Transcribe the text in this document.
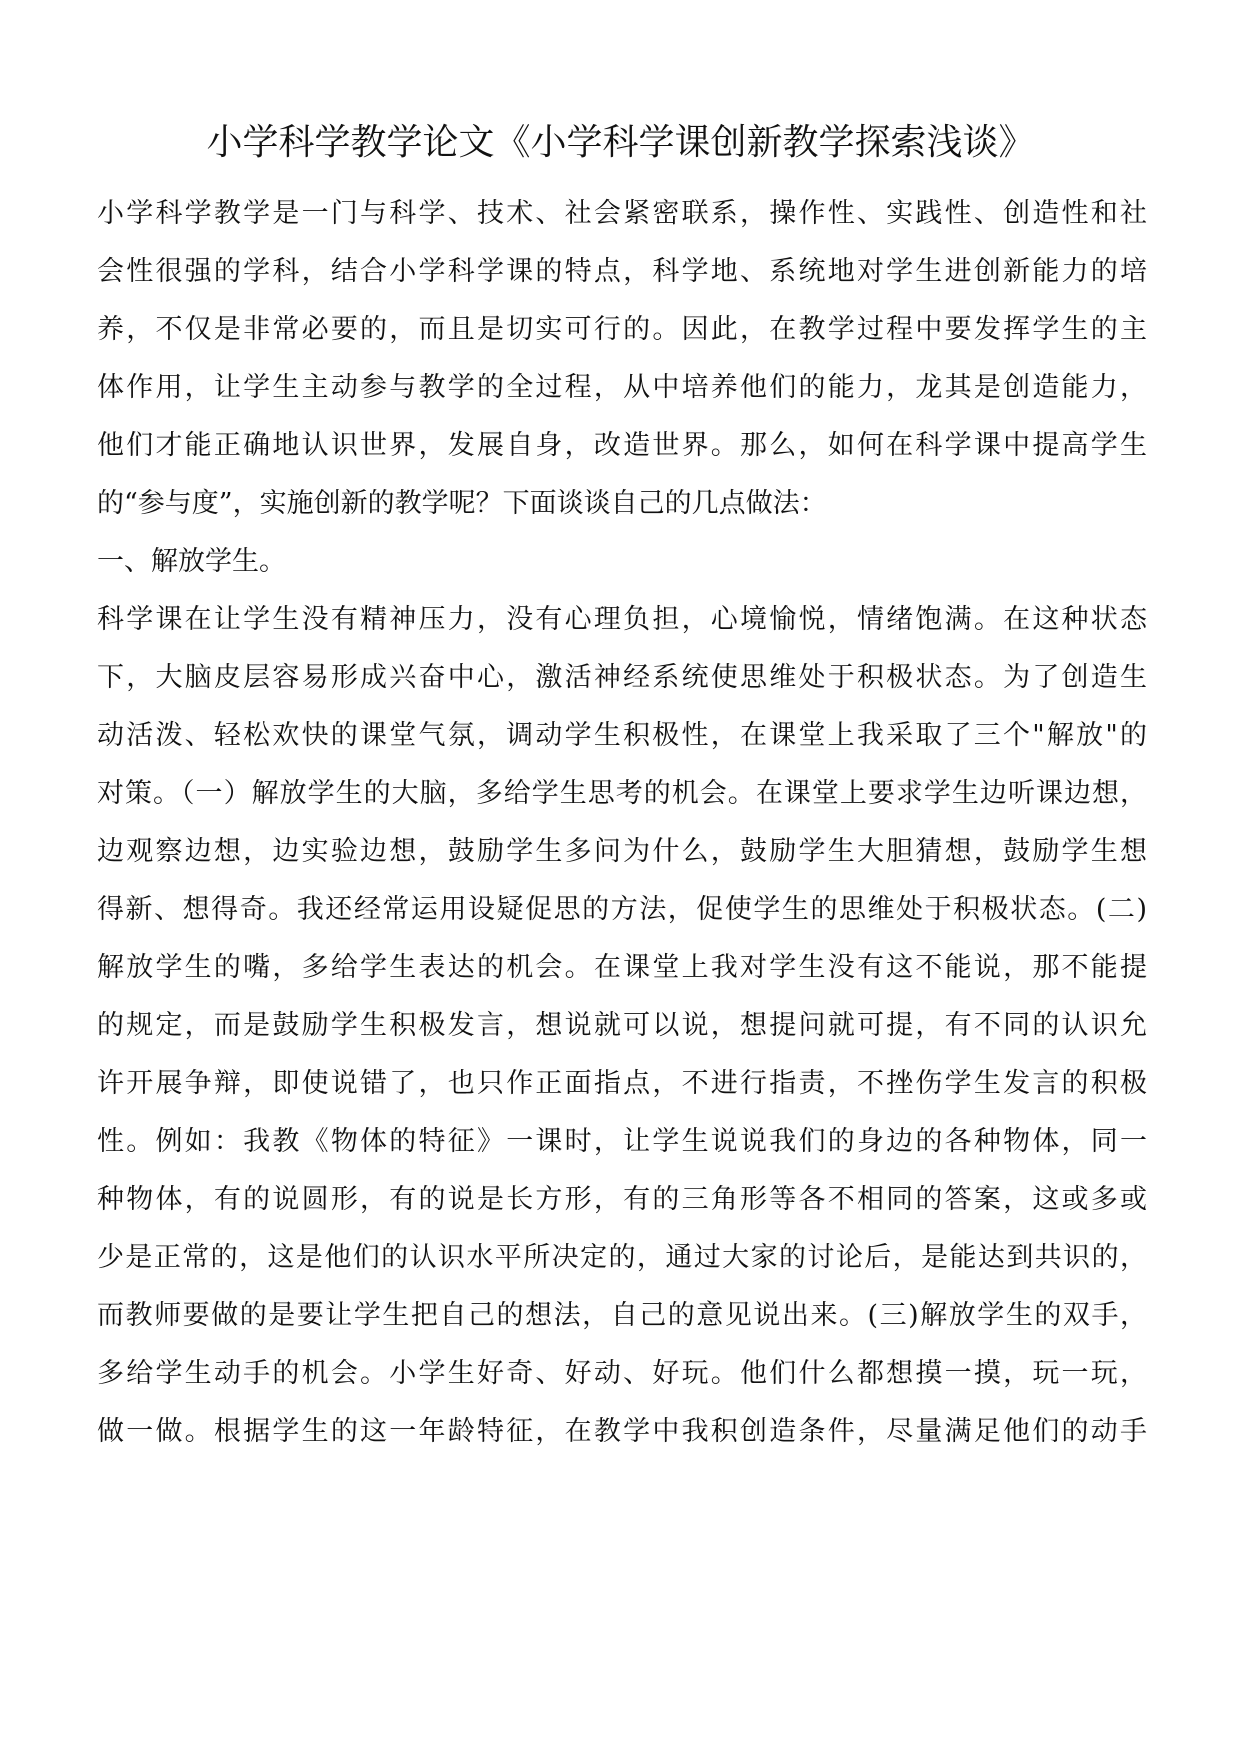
小学科学教学论文《小学科学课创新教学探索浅谈》
小学科学教学是一门与科学、技术、社会紧密联系，操作性、实践性、创造性和社
会性很强的学科，结合小学科学课的特点，科学地、系统地对学生进创新能力的培
养，不仅是非常必要的，而且是切实可行的。因此，在教学过程中要发挥学生的主
体作用，让学生主动参与教学的全过程，从中培养他们的能力，龙其是创造能力，
他们才能正确地认识世界，发展自身，改造世界。那么，如何在科学课中提高学生
的“参与度”，实施创新的教学呢？下面谈谈自己的几点做法：
一、解放学生。
科学课在让学生没有精神压力，没有心理负担，心境愉悦，情绪饱满。在这种状态
下，大脑皮层容易形成兴奋中心，激活神经系统使思维处于积极状态。为了创造生
动活泼、轻松欢快的课堂气氛，调动学生积极性，在课堂上我采取了三个"解放"的
对策。（一）解放学生的大脑，多给学生思考的机会。在课堂上要求学生边听课边想，
边观察边想，边实验边想，鼓励学生多问为什么，鼓励学生大胆猜想，鼓励学生想
得新、想得奇。我还经常运用设疑促思的方法，促使学生的思维处于积极状态。(二)
解放学生的嘴，多给学生表达的机会。在课堂上我对学生没有这不能说，那不能提
的规定，而是鼓励学生积极发言，想说就可以说，想提问就可提，有不同的认识允
许开展争辩，即使说错了，也只作正面指点，不进行指责，不挫伤学生发言的积极
性。例如：我教《物体的特征》一课时，让学生说说我们的身边的各种物体，同一
种物体，有的说圆形，有的说是长方形，有的三角形等各不相同的答案，这或多或
少是正常的，这是他们的认识水平所决定的，通过大家的讨论后，是能达到共识的，
而教师要做的是要让学生把自己的想法，自己的意见说出来。(三)解放学生的双手，
多给学生动手的机会。小学生好奇、好动、好玩。他们什么都想摸一摸，玩一玩，
做一做。根据学生的这一年龄特征，在教学中我积创造条件，尽量满足他们的动手
